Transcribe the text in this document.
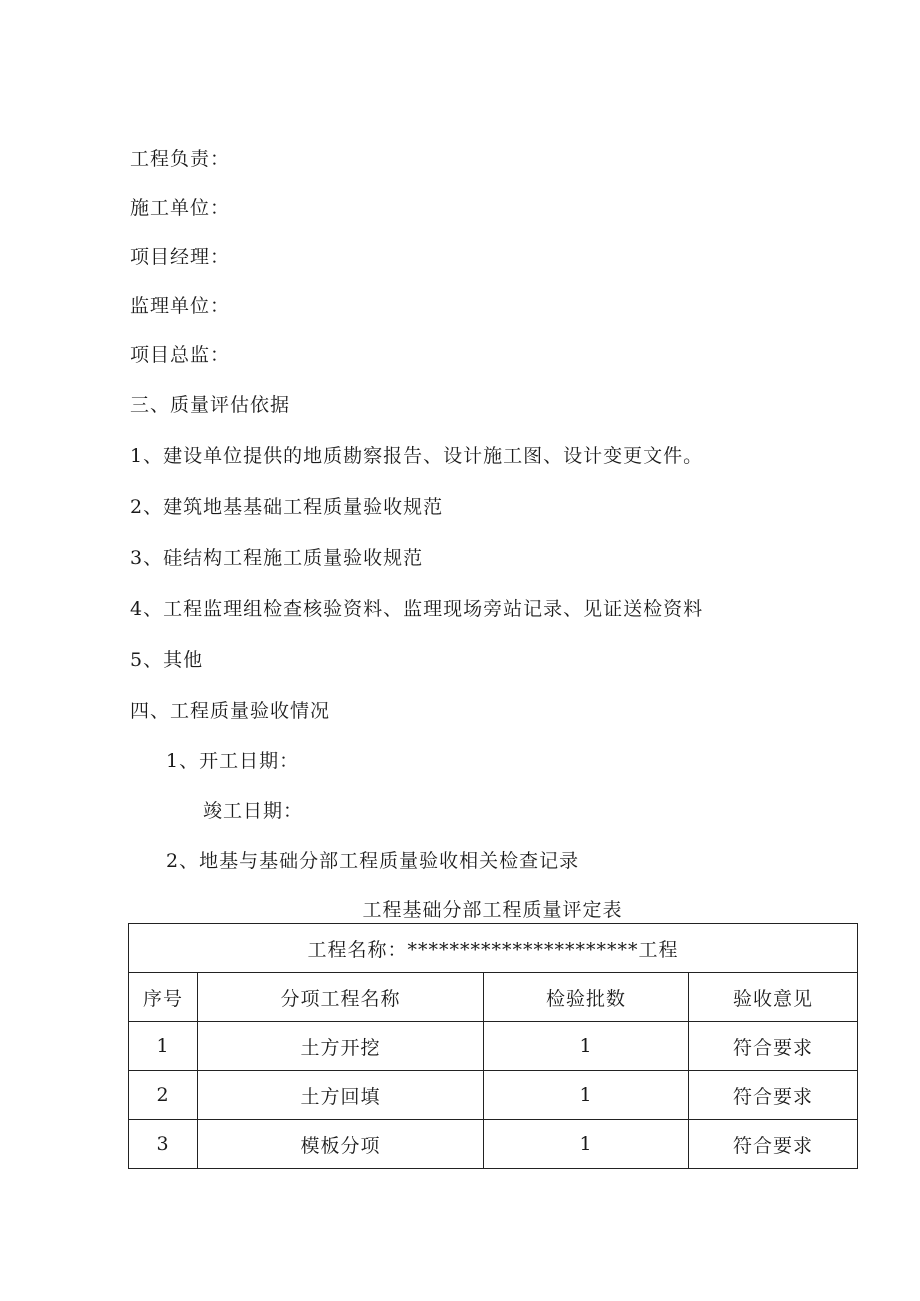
工程负责：
施工单位：
项目经理：
监理单位：
项目总监：
三、质量评估依据
1、建设单位提供的地质勘察报告、设计施工图、设计变更文件。
2、建筑地基基础工程质量验收规范
3、硅结构工程施工质量验收规范
4、工程监理组检查核验资料、监理现场旁站记录、见证送检资料
5、其他
四、工程质量验收情况
1、开工日期：
竣工日期：
2、地基与基础分部工程质量验收相关检查记录
工程基础分部工程质量评定表
工程名称：**********************工程			
序号	分项工程名称	检验批数	验收意见
1	土方开挖	1	符合要求
2	土方回填	1	符合要求
3	模板分项	1	符合要求
